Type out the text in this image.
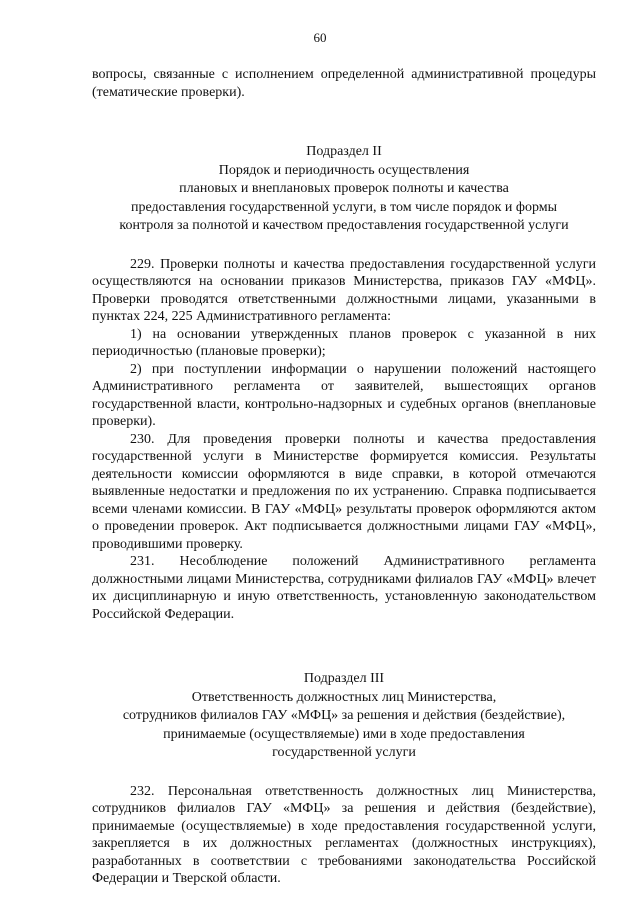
60

вопросы, связанные с исполнением определенной административной процедуры (тематические проверки).

Подраздел II

Порядок и периодичность осуществления

плановых и внеплановых проверок полноты и качества

предоставления государственной услуги, в том числе порядок и формы

контроля за полнотой и качеством предоставления государственной услуги

229. Проверки полноты и качества предоставления государственной услуги осуществляются на основании приказов Министерства, приказов ГАУ «МФЦ». Проверки проводятся ответственными должностными лицами, указанными в пунктах 224, 225 Административного регламента:

1) на основании утвержденных планов проверок с указанной в них периодичностью (плановые проверки);

2) при поступлении информации о нарушении положений настоящего Административного регламента от заявителей, вышестоящих органов государственной власти, контрольно-надзорных и судебных органов (внеплановые проверки).

230. Для проведения проверки полноты и качества предоставления государственной услуги в Министерстве формируется комиссия. Результаты деятельности комиссии оформляются в виде справки, в которой отмечаются выявленные недостатки и предложения по их устранению. Справка подписывается всеми членами комиссии. В ГАУ «МФЦ» результаты проверок оформляются актом о проведении проверок. Акт подписывается должностными лицами ГАУ «МФЦ», проводившими проверку.

231. Несоблюдение положений Административного регламента должностными лицами Министерства, сотрудниками филиалов ГАУ «МФЦ» влечет их дисциплинарную и иную ответственность, установленную законодательством Российской Федерации.

Подраздел III

Ответственность должностных лиц Министерства,

сотрудников филиалов ГАУ «МФЦ» за решения и действия (бездействие),

принимаемые (осуществляемые) ими в ходе предоставления

государственной услуги

232. Персональная ответственность должностных лиц Министерства, сотрудников филиалов ГАУ «МФЦ» за решения и действия (бездействие), принимаемые (осуществляемые) в ходе предоставления государственной услуги, закрепляется в их должностных регламентах (должностных инструкциях), разработанных в соответствии с требованиями законодательства Российской Федерации и Тверской области.
